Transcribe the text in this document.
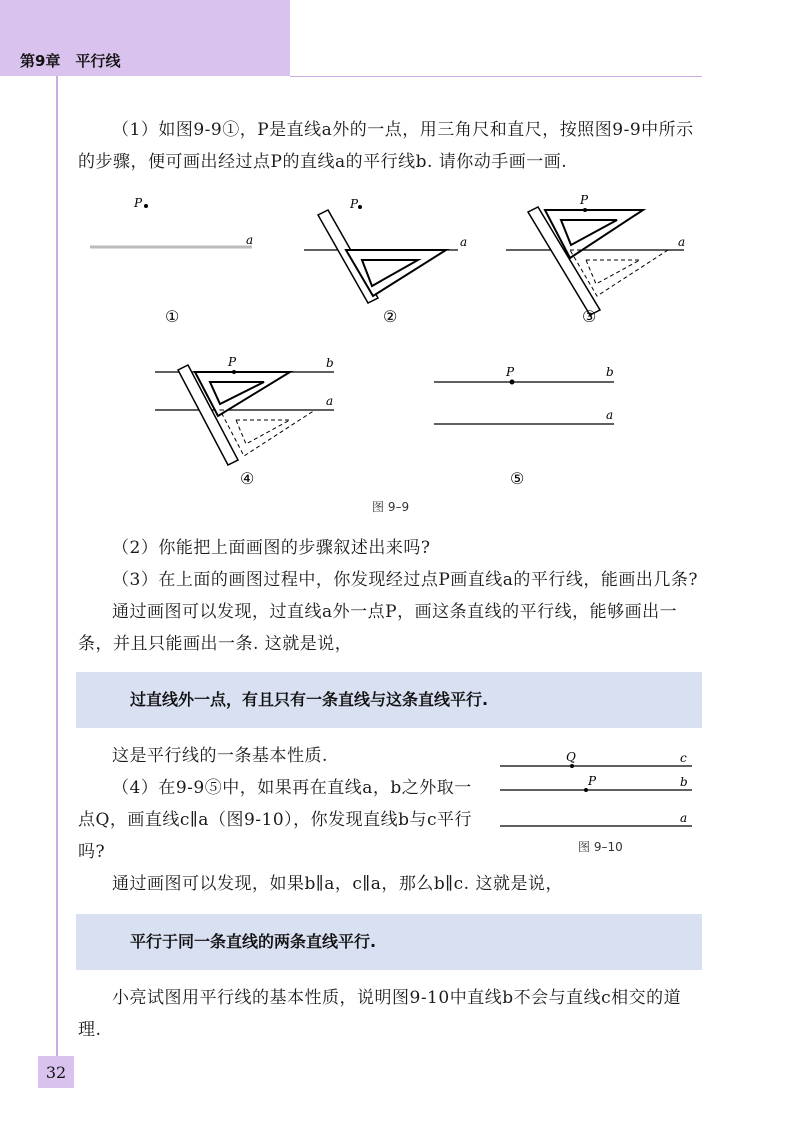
第9章　平行线
（1）如图9-9①，P是直线a外的一点，用三角尺和直尺，按照图9-9中所示的步骤，便可画出经过点P的直线a的平行线b. 请你动手画一画.
P
a	a
P
a
P
①	②	③
b
a
P
b
a
P
④	⑤
图 9–9
（2）你能把上面画图的步骤叙述出来吗?
（3）在上面的画图过程中，你发现经过点P画直线a的平行线，能画出几条?
通过画图可以发现，过直线a外一点P，画这条直线的平行线，能够画出一条，并且只能画出一条. 这就是说，
过直线外一点，有且只有一条直线与这条直线平行.
这是平行线的一条基本性质.
（4）在9-9⑤中，如果再在直线a，b之外取一点Q，画直线c∥a（图9-10），你发现直线b与c平行吗?
c
Q
b
P
a
图 9–10
通过画图可以发现，如果b∥a，c∥a，那么b∥c. 这就是说，
平行于同一条直线的两条直线平行.
小亮试图用平行线的基本性质，说明图9-10中直线b不会与直线c相交的道理.
32
